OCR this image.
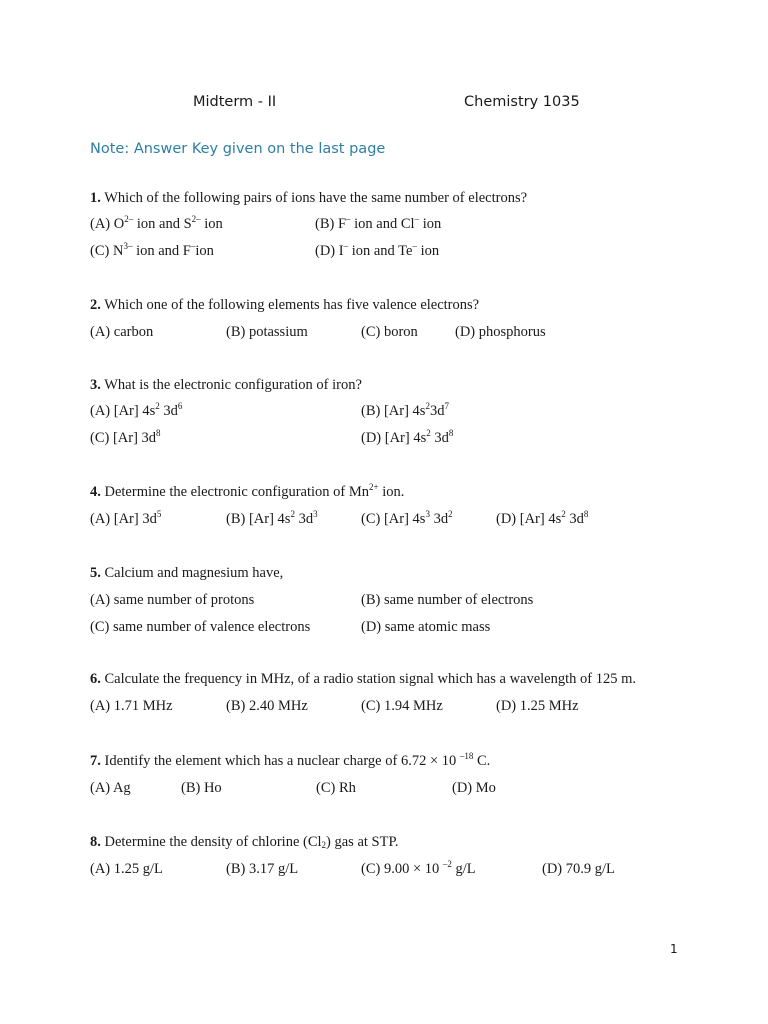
Midterm - II	Chemistry 1035
Note: Answer Key given on the last page
1. Which of the following pairs of ions have the same number of electrons?
(A) $O^{2-}$ ion and $S^{2-}$ ion	(B) F– ion and Cl– ion
(C) $N^{3-}$ ion and F–ion	(D) I– ion and Te– ion
2. Which one of the following elements has five valence electrons?
(A) carbon	(B) potassium	(C) boron	(D) phosphorus
3. What is the electronic configuration of iron?
(A) [Ar] $4s^2$ $3d^6$	(B) [Ar] $4s^23d^7$
(C) [Ar] $3d^8$	(D) [Ar] $4s^2$ $3d^8$
4. Determine the electronic configuration of $Mn^{2+}$ ion.
(A) [Ar] $3d^5$	(B) [Ar] $4s^2$ $3d^3$	(C) [Ar] $4s^3$ $3d^2$	(D) [Ar] $4s^2$ $3d^8$
5. Calcium and magnesium have,
(A) same number of protons	(B) same number of electrons
(C) same number of valence electrons	(D) same atomic mass
6. Calculate the frequency in MHz, of a radio station signal which has a wavelength of 125 m.
(A) 1.71 MHz	(B) 2.40 MHz	(C) 1.94 MHz	(D) 1.25 MHz
7. Identify the element which has a nuclear charge of 6.72 × 10 $^{-18}$ C.
(A) Ag	(B) Ho	(C) Rh	(D) Mo
8. Determine the density of chlorine $(Cl_2)$ gas at STP.
(A) 1.25 g/L	(B) 3.17 g/L	(C) 9.00 × 10 $^{-2}$ g/L	(D) 70.9 g/L
1
